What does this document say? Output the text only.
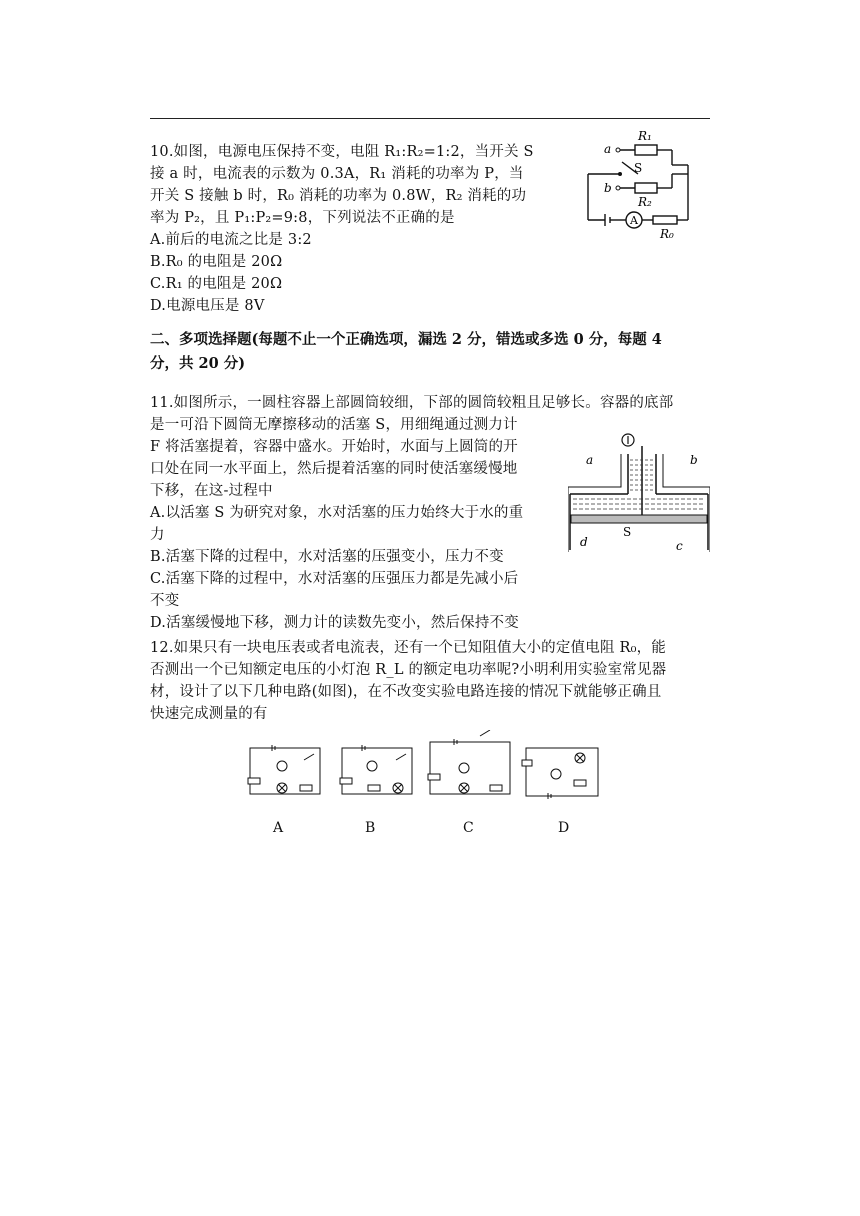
10.如图，电源电压保持不变，电阻 R₁:R₂=1:2，当开关 S

接 a 时，电流表的示数为 0.3A，R₁ 消耗的功率为 P，当

开关 S 接触 b 时，R₀ 消耗的功率为 0.8W，R₂ 消耗的功

率为 P₂，且 P₁:P₂=9:8，下列说法不正确的是

A.前后的电流之比是 3:2

B.R₀ 的电阻是 20Ω

C.R₁ 的电阻是 20Ω

D.电源电压是 8V

a
b
S
R₁
R₂
R₀
A

二、多项选择题(每题不止一个正确选项，漏选 2 分，错选或多选 0 分，每题 4

分，共 20 分)

11.如图所示，一圆柱容器上部圆筒较细，下部的圆筒较粗且足够长。容器的底部

是一可沿下圆筒无摩擦移动的活塞 S，用细绳通过测力计

F 将活塞提着，容器中盛水。开始时，水面与上圆筒的开

口处在同一水平面上，然后提着活塞的同时使活塞缓慢地

下移，在这-过程中

A.以活塞 S 为研究对象，水对活塞的压力始终大于水的重

力

B.活塞下降的过程中，水对活塞的压强变小，压力不变

C.活塞下降的过程中，水对活塞的压强压力都是先减小后

不变

D.活塞缓慢地下移，测力计的读数先变小，然后保持不变

a	b
S
d	c

12.如果只有一块电压表或者电流表，还有一个已知阻值大小的定值电阻 R₀，能

否测出一个已知额定电压的小灯泡 R_L 的额定电功率呢?小明利用实验室常见器

材，设计了以下几种电路(如图)，在不改变实验电路连接的情况下就能够正确且

快速完成测量的有

A	B	C	D
